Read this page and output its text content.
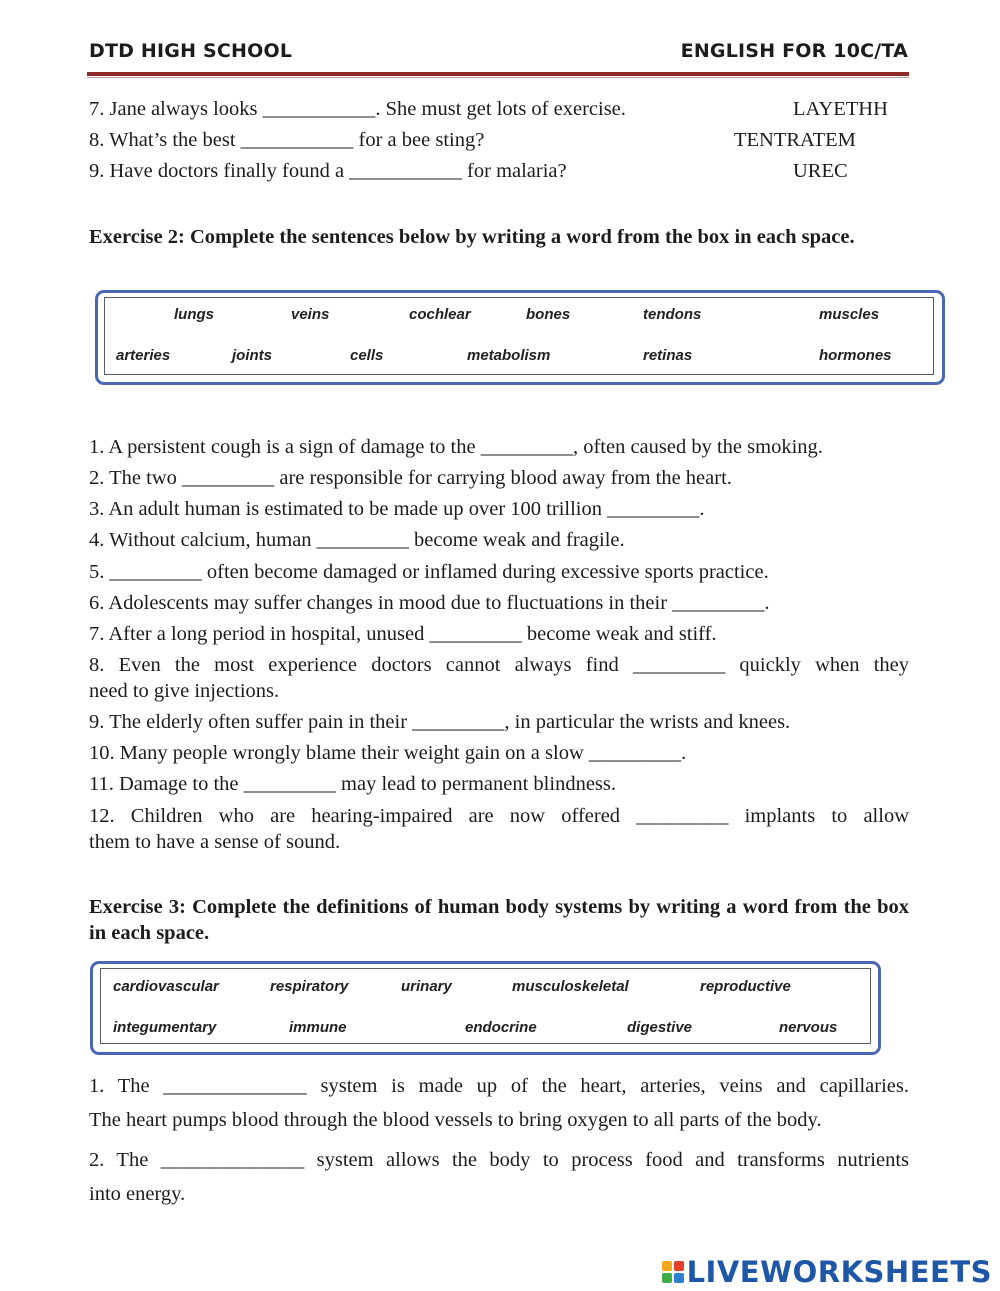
DTD HIGH SCHOOL	ENGLISH FOR 10C/TA
7. Jane always looks ___________. She must get lots of exercise.	LAYETHH
8. What’s the best ___________ for a bee sting?	TENTRATEM
9. Have doctors finally found a ___________ for malaria?	UREC
Exercise 2: Complete the sentences below by writing a word from the box in each space.
lungs	veins	cochlear	bones	tendons	muscles
arteries	joints	cells	metabolism	retinas	hormones
1. A persistent cough is a sign of damage to the _________, often caused by the smoking.
2. The two _________ are responsible for carrying blood away from the heart.
3. An adult human is estimated to be made up over 100 trillion _________.
4. Without calcium, human _________ become weak and fragile.
5. _________ often become damaged or inflamed during excessive sports practice.
6. Adolescents may suffer changes in mood due to fluctuations in their _________.
7. After a long period in hospital, unused _________ become weak and stiff.
8. Even the most experience doctors cannot always find _________ quickly when they
need to give injections.
9. The elderly often suffer pain in their _________, in particular the wrists and knees.
10. Many people wrongly blame their weight gain on a slow _________.
11. Damage to the _________ may lead to permanent blindness.
12. Children who are hearing-impaired are now offered _________ implants to allow
them to have a sense of sound.
Exercise 3: Complete the definitions of human body systems by writing a word from the box in each space.
cardiovascular	respiratory	urinary	musculoskeletal	reproductive
integumentary	immune	endocrine	digestive	nervous
1. The ______________ system is made up of the heart, arteries, veins and capillaries.
The heart pumps blood through the blood vessels to bring oxygen to all parts of the body.
2. The ______________ system allows the body to process food and transforms nutrients
into energy.
LIVEWORKSHEETS
